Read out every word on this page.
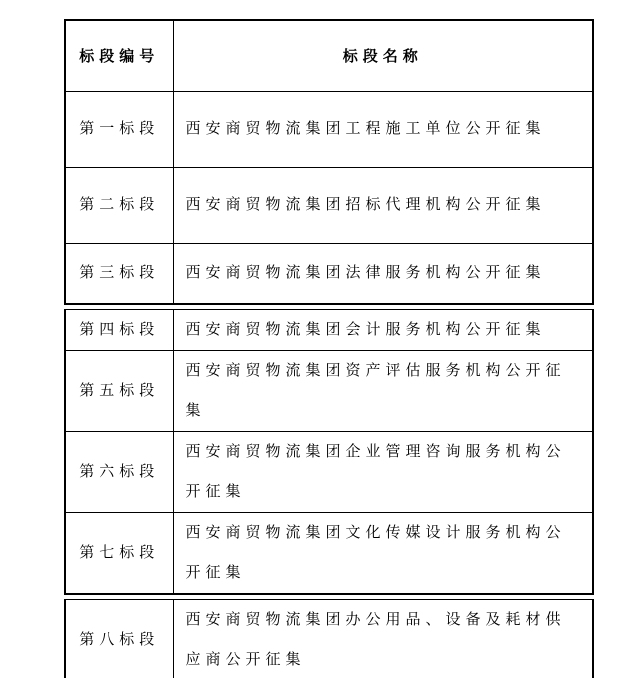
标段编号	标段名称
第一标段	西安商贸物流集团工程施工单位公开征集
第二标段	西安商贸物流集团招标代理机构公开征集
第三标段	西安商贸物流集团法律服务机构公开征集
第四标段	西安商贸物流集团会计服务机构公开征集
第五标段	西安商贸物流集团资产评估服务机构公开征集
第六标段	西安商贸物流集团企业管理咨询服务机构公开征集
第七标段	西安商贸物流集团文化传媒设计服务机构公开征集
第八标段	西安商贸物流集团办公用品、设备及耗材供应商公开征集
